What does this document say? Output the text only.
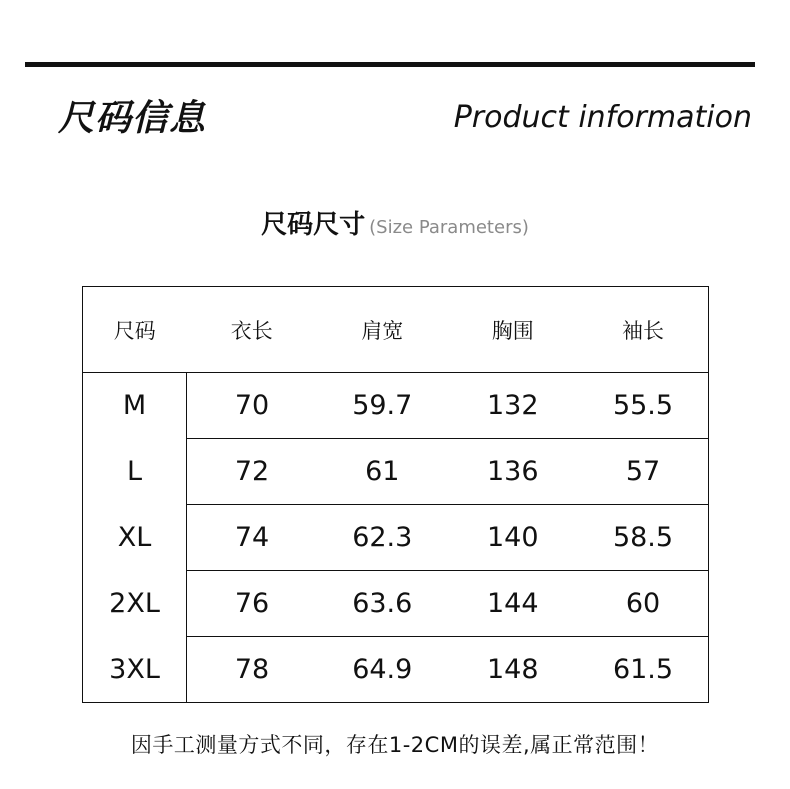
尺码信息	Product information
尺码尺寸 (Size Parameters)
尺码	衣长	肩宽	胸围	袖长
M	70	59.7	132	55.5
L	72	61	136	57
XL	74	62.3	140	58.5
2XL	76	63.6	144	60
3XL	78	64.9	148	61.5
因手工测量方式不同，存在1-2CM的误差,属正常范围！
